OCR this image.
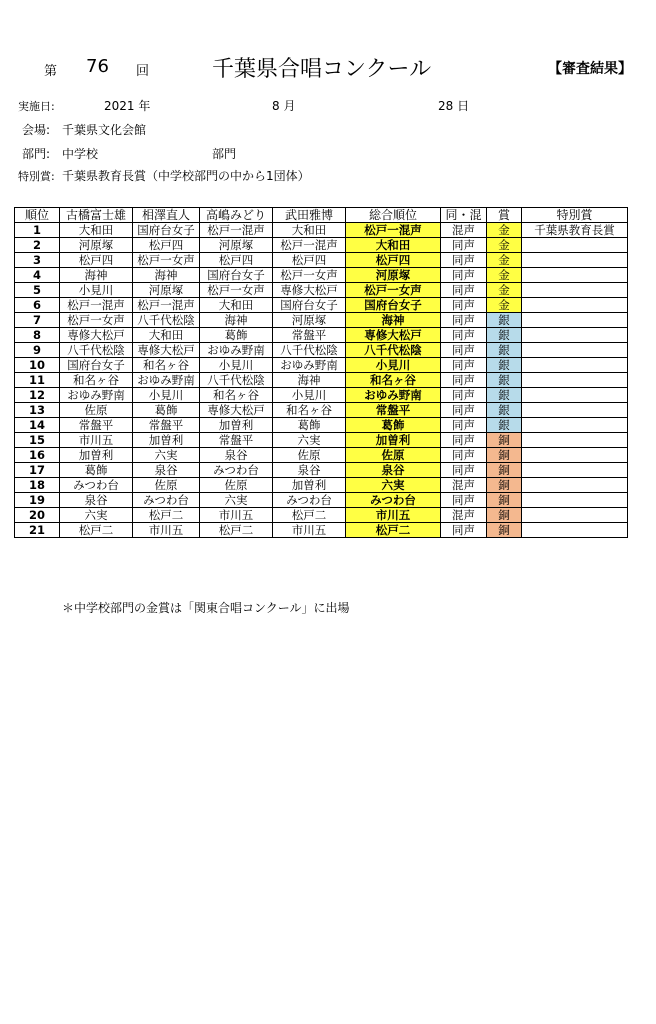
第 76 回	千葉県合唱コンクール	【審査結果】
実施日:	2021 年	8 月	28 日
会場: 千葉県文化会館
部門: 中学校	部門
特別賞: 千葉県教育長賞（中学校部門の中から1団体）
順位	古橋富士雄	相澤直人	高嶋みどり	武田雅博	総合順位	同・混	賞	特別賞
1	大和田	国府台女子	松戸一混声	大和田	松戸一混声	混声	金	千葉県教育長賞
2	河原塚	松戸四	河原塚	松戸一混声	大和田	同声	金	
3	松戸四	松戸一女声	松戸四	松戸四	松戸四	同声	金	
4	海神	海神	国府台女子	松戸一女声	河原塚	同声	金	
5	小見川	河原塚	松戸一女声	専修大松戸	松戸一女声	同声	金	
6	松戸一混声	松戸一混声	大和田	国府台女子	国府台女子	同声	金	
7	松戸一女声	八千代松陰	海神	河原塚	海神	同声	銀	
8	専修大松戸	大和田	葛飾	常盤平	専修大松戸	同声	銀	
9	八千代松陰	専修大松戸	おゆみ野南	八千代松陰	八千代松陰	同声	銀	
10	国府台女子	和名ヶ谷	小見川	おゆみ野南	小見川	同声	銀	
11	和名ヶ谷	おゆみ野南	八千代松陰	海神	和名ヶ谷	同声	銀	
12	おゆみ野南	小見川	和名ヶ谷	小見川	おゆみ野南	同声	銀	
13	佐原	葛飾	専修大松戸	和名ヶ谷	常盤平	同声	銀	
14	常盤平	常盤平	加曽利	葛飾	葛飾	同声	銀	
15	市川五	加曽利	常盤平	六実	加曽利	同声	銅	
16	加曽利	六実	泉谷	佐原	佐原	同声	銅	
17	葛飾	泉谷	みつわ台	泉谷	泉谷	同声	銅	
18	みつわ台	佐原	佐原	加曽利	六実	混声	銅	
19	泉谷	みつわ台	六実	みつわ台	みつわ台	同声	銅	
20	六実	松戸二	市川五	松戸二	市川五	混声	銅	
21	松戸二	市川五	松戸二	市川五	松戸二	同声	銅	
＊中学校部門の金賞は「関東合唱コンクール」に出場
